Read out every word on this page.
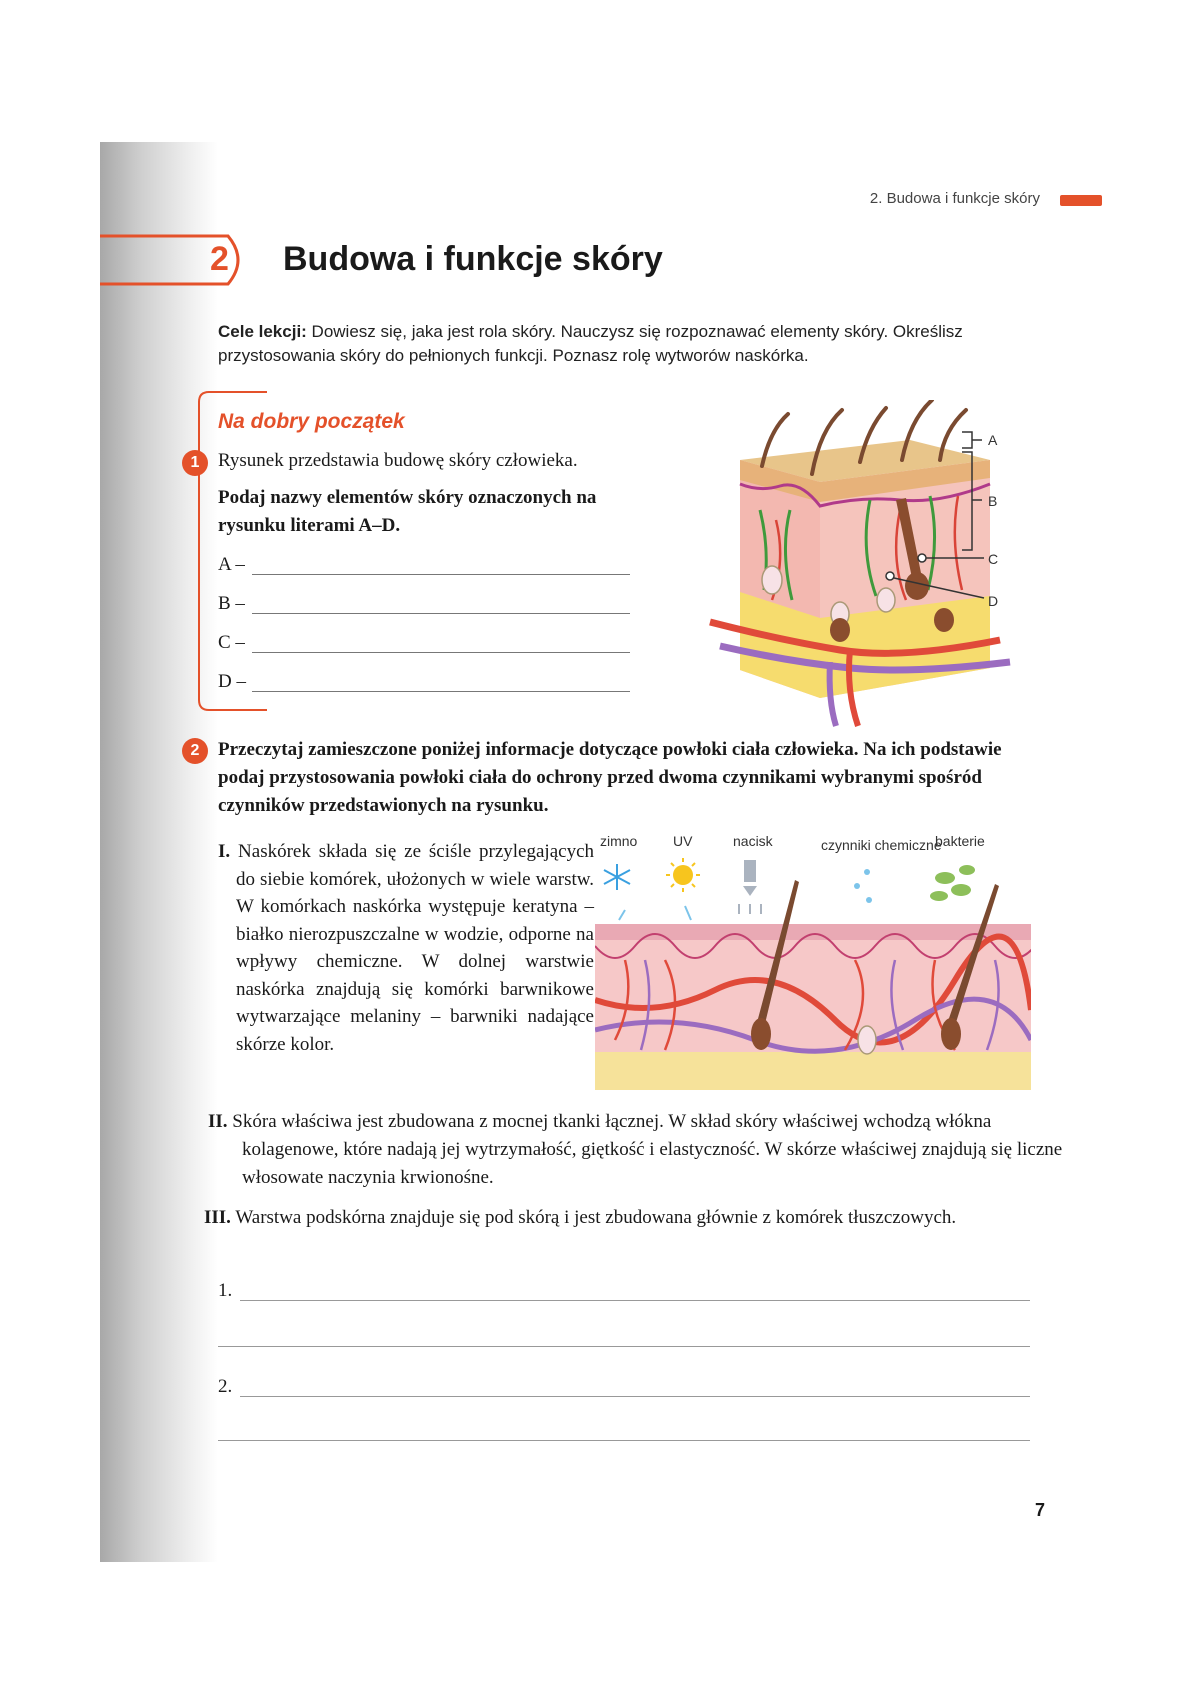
2. Budowa i funkcje skóry
2 Budowa i funkcje skóry
Cele lekcji: Dowiesz się, jaka jest rola skóry. Nauczysz się rozpoznawać elementy skóry. Określisz przystosowania skóry do pełnionych funkcji. Poznasz rolę wytworów naskórka.
Na dobry początek
1 Rysunek przedstawia budowę skóry człowieka.
Podaj nazwy elementów skóry oznaczonych na rysunku literami A–D.
A –
B –
C –
D –
A
B
C
D
2 Przeczytaj zamieszczone poniżej informacje dotyczące powłoki ciała człowieka. Na ich podstawie podaj przystosowania powłoki ciała do ochrony przed dwoma czynnikami wybranymi spośród czynników przedstawionych na rysunku.
I. Naskórek składa się ze ściśle przylegających do siebie komórek, ułożonych w wiele warstw. W komórkach naskórka występuje keratyna – białko nierozpuszczalne w wodzie, odporne na wpływy chemiczne. W dolnej warstwie naskórka znajdują się komórki barwnikowe wytwarzające melaniny – barwniki nadające skórze kolor.
zimno	UV	nacisk	czynniki chemiczne
bakterie
II. Skóra właściwa jest zbudowana z mocnej tkanki łącznej. W skład skóry właściwej wchodzą włókna kolagenowe, które nadają jej wytrzymałość, giętkość i elastyczność. W skórze właściwej znajdują się liczne włosowate naczynia krwionośne.
III. Warstwa podskórna znajduje się pod skórą i jest zbudowana głównie z komórek tłuszczowych.
1.
2.
7
